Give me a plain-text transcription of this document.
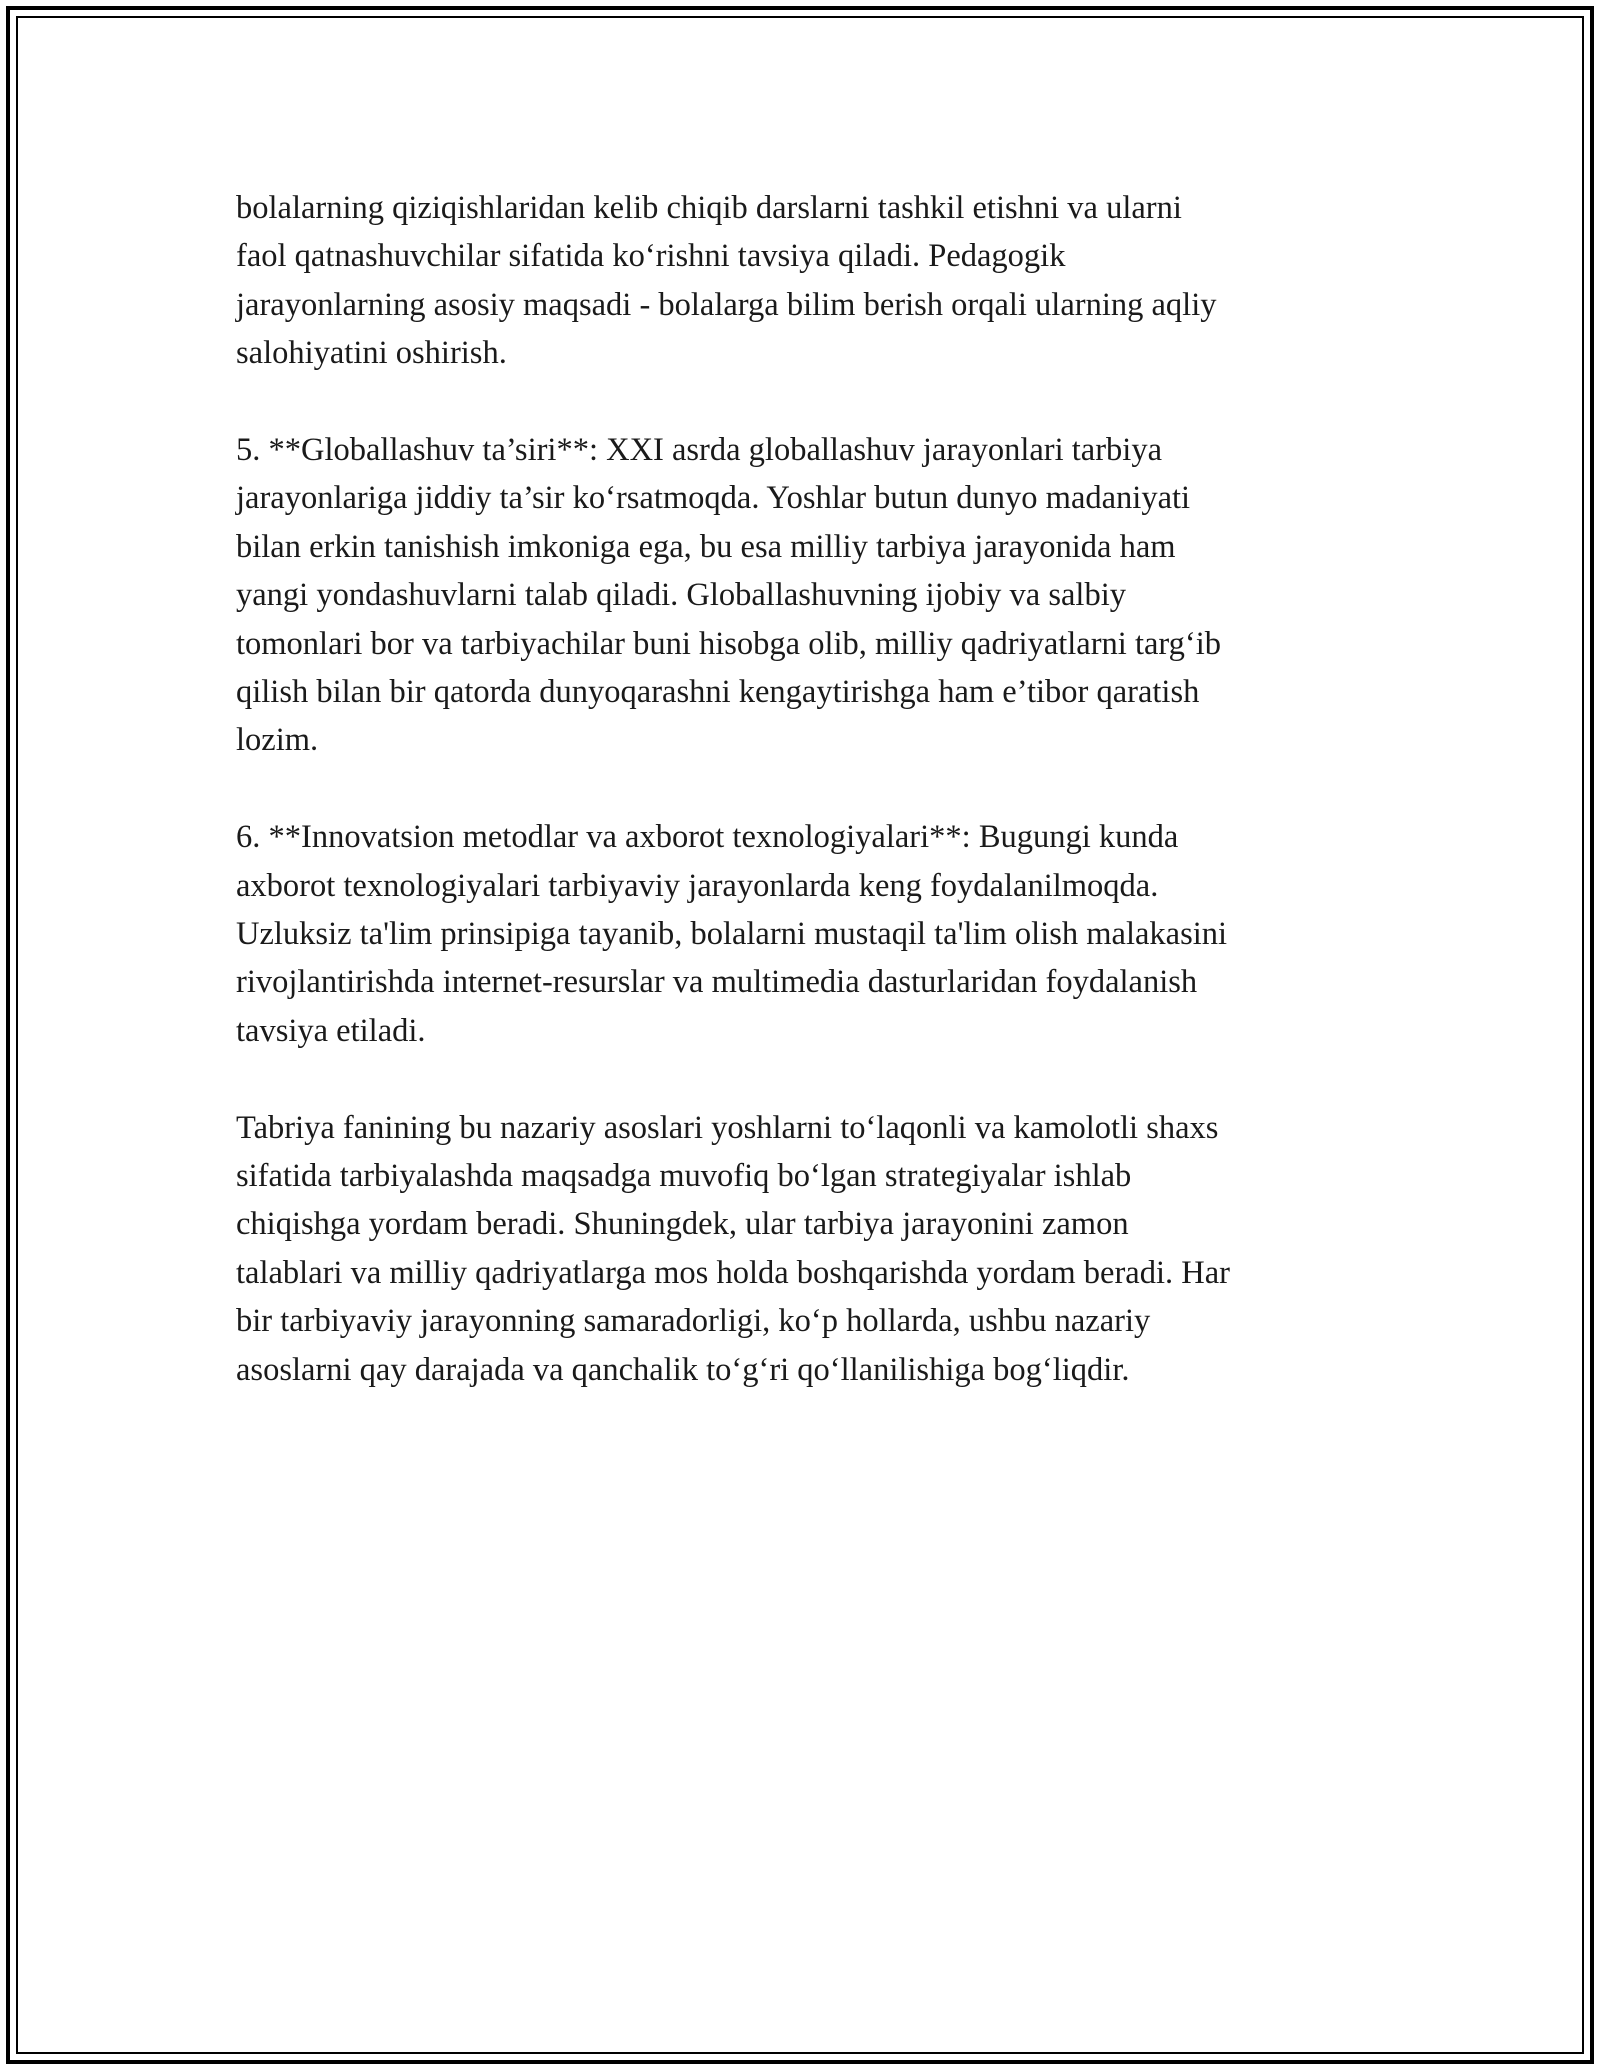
bolalarning qiziqishlaridan kelib chiqib darslarni tashkil etishni va ularni
faol qatnashuvchilar sifatida ko‘rishni tavsiya qiladi. Pedagogik
jarayonlarning asosiy maqsadi - bolalarga bilim berish orqali ularning aqliy
salohiyatini oshirish.

5. **Globallashuv ta’siri**: XXI asrda globallashuv jarayonlari tarbiya
jarayonlariga jiddiy ta’sir ko‘rsatmoqda. Yoshlar butun dunyo madaniyati
bilan erkin tanishish imkoniga ega, bu esa milliy tarbiya jarayonida ham
yangi yondashuvlarni talab qiladi. Globallashuvning ijobiy va salbiy
tomonlari bor va tarbiyachilar buni hisobga olib, milliy qadriyatlarni targ‘ib
qilish bilan bir qatorda dunyoqarashni kengaytirishga ham e’tibor qaratish
lozim.

6. **Innovatsion metodlar va axborot texnologiyalari**: Bugungi kunda
axborot texnologiyalari tarbiyaviy jarayonlarda keng foydalanilmoqda.
Uzluksiz ta'lim prinsipiga tayanib, bolalarni mustaqil ta'lim olish malakasini
rivojlantirishda internet-resurslar va multimedia dasturlaridan foydalanish
tavsiya etiladi.

Tabriya fanining bu nazariy asoslari yoshlarni to‘laqonli va kamolotli shaxs
sifatida tarbiyalashda maqsadga muvofiq bo‘lgan strategiyalar ishlab
chiqishga yordam beradi. Shuningdek, ular tarbiya jarayonini zamon
talablari va milliy qadriyatlarga mos holda boshqarishda yordam beradi. Har
bir tarbiyaviy jarayonning samaradorligi, ko‘p hollarda, ushbu nazariy
asoslarni qay darajada va qanchalik to‘g‘ri qo‘llanilishiga bog‘liqdir.
